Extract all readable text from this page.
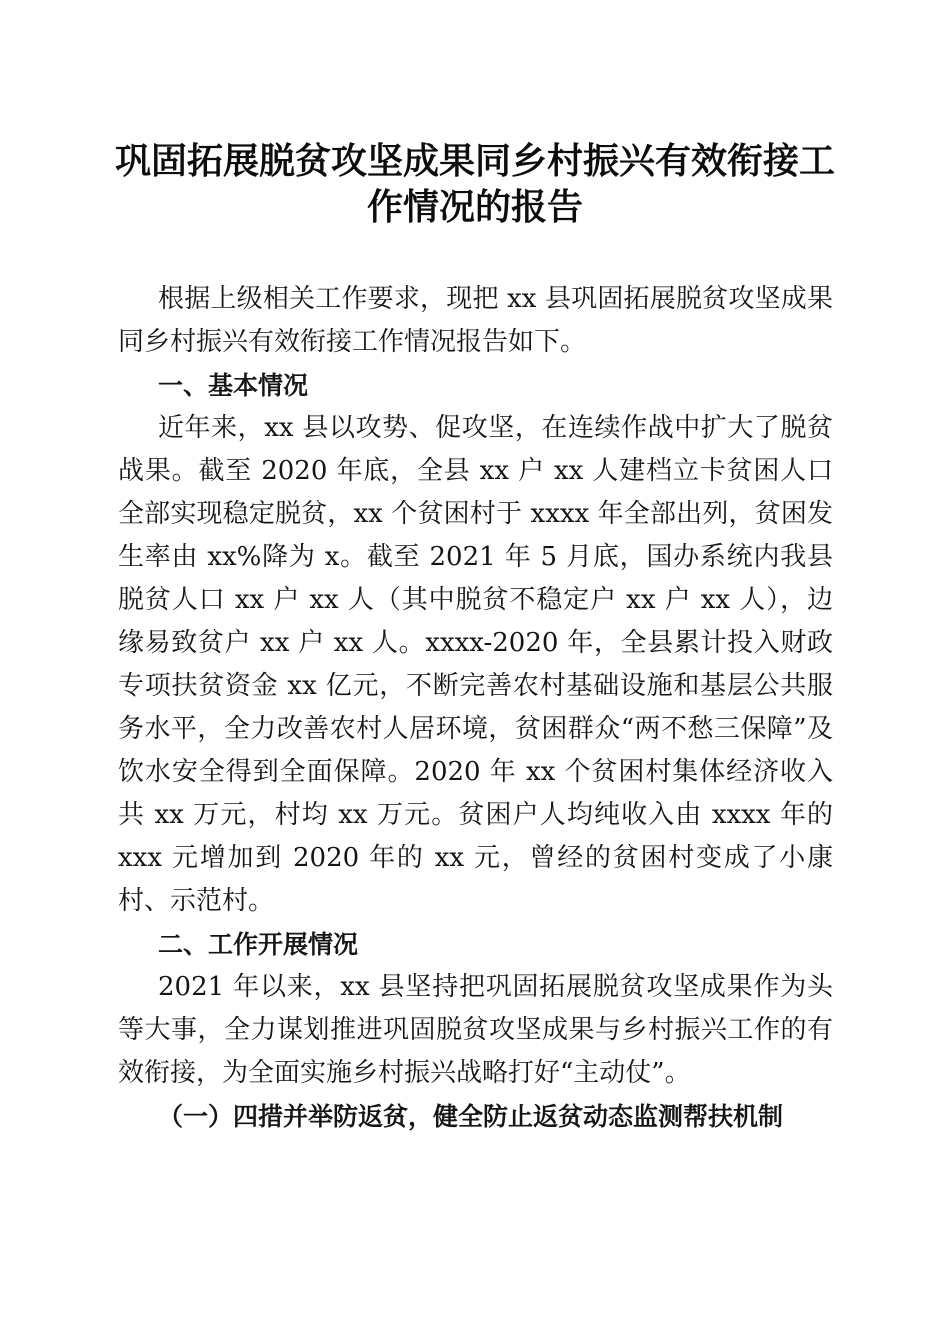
巩固拓展脱贫攻坚成果同乡村振兴有效衔接工
作情况的报告

根据上级相关工作要求，现把 xx 县巩固拓展脱贫攻坚成果同乡村振兴有效衔接工作情况报告如下。

一、基本情况

近年来，xx 县以攻势、促攻坚，在连续作战中扩大了脱贫战果。截至 2020 年底，全县 xx 户 xx 人建档立卡贫困人口全部实现稳定脱贫，xx 个贫困村于 xxxx 年全部出列，贫困发生率由 xx%降为 x。截至 2021 年 5 月底，国办系统内我县脱贫人口 xx 户 xx 人（其中脱贫不稳定户 xx 户 xx 人），边缘易致贫户 xx 户 xx 人。xxxx-2020 年，全县累计投入财政专项扶贫资金 xx 亿元，不断完善农村基础设施和基层公共服务水平，全力改善农村人居环境，贫困群众“两不愁三保障”及饮水安全得到全面保障。2020 年 xx 个贫困村集体经济收入共 xx 万元，村均 xx 万元。贫困户人均纯收入由 xxxx 年的 xxx 元增加到 2020 年的 xx 元，曾经的贫困村变成了小康村、示范村。

二、工作开展情况

2021 年以来，xx 县坚持把巩固拓展脱贫攻坚成果作为头等大事，全力谋划推进巩固脱贫攻坚成果与乡村振兴工作的有效衔接，为全面实施乡村振兴战略打好“主动仗”。

（一）四措并举防返贫，健全防止返贫动态监测帮扶机制
